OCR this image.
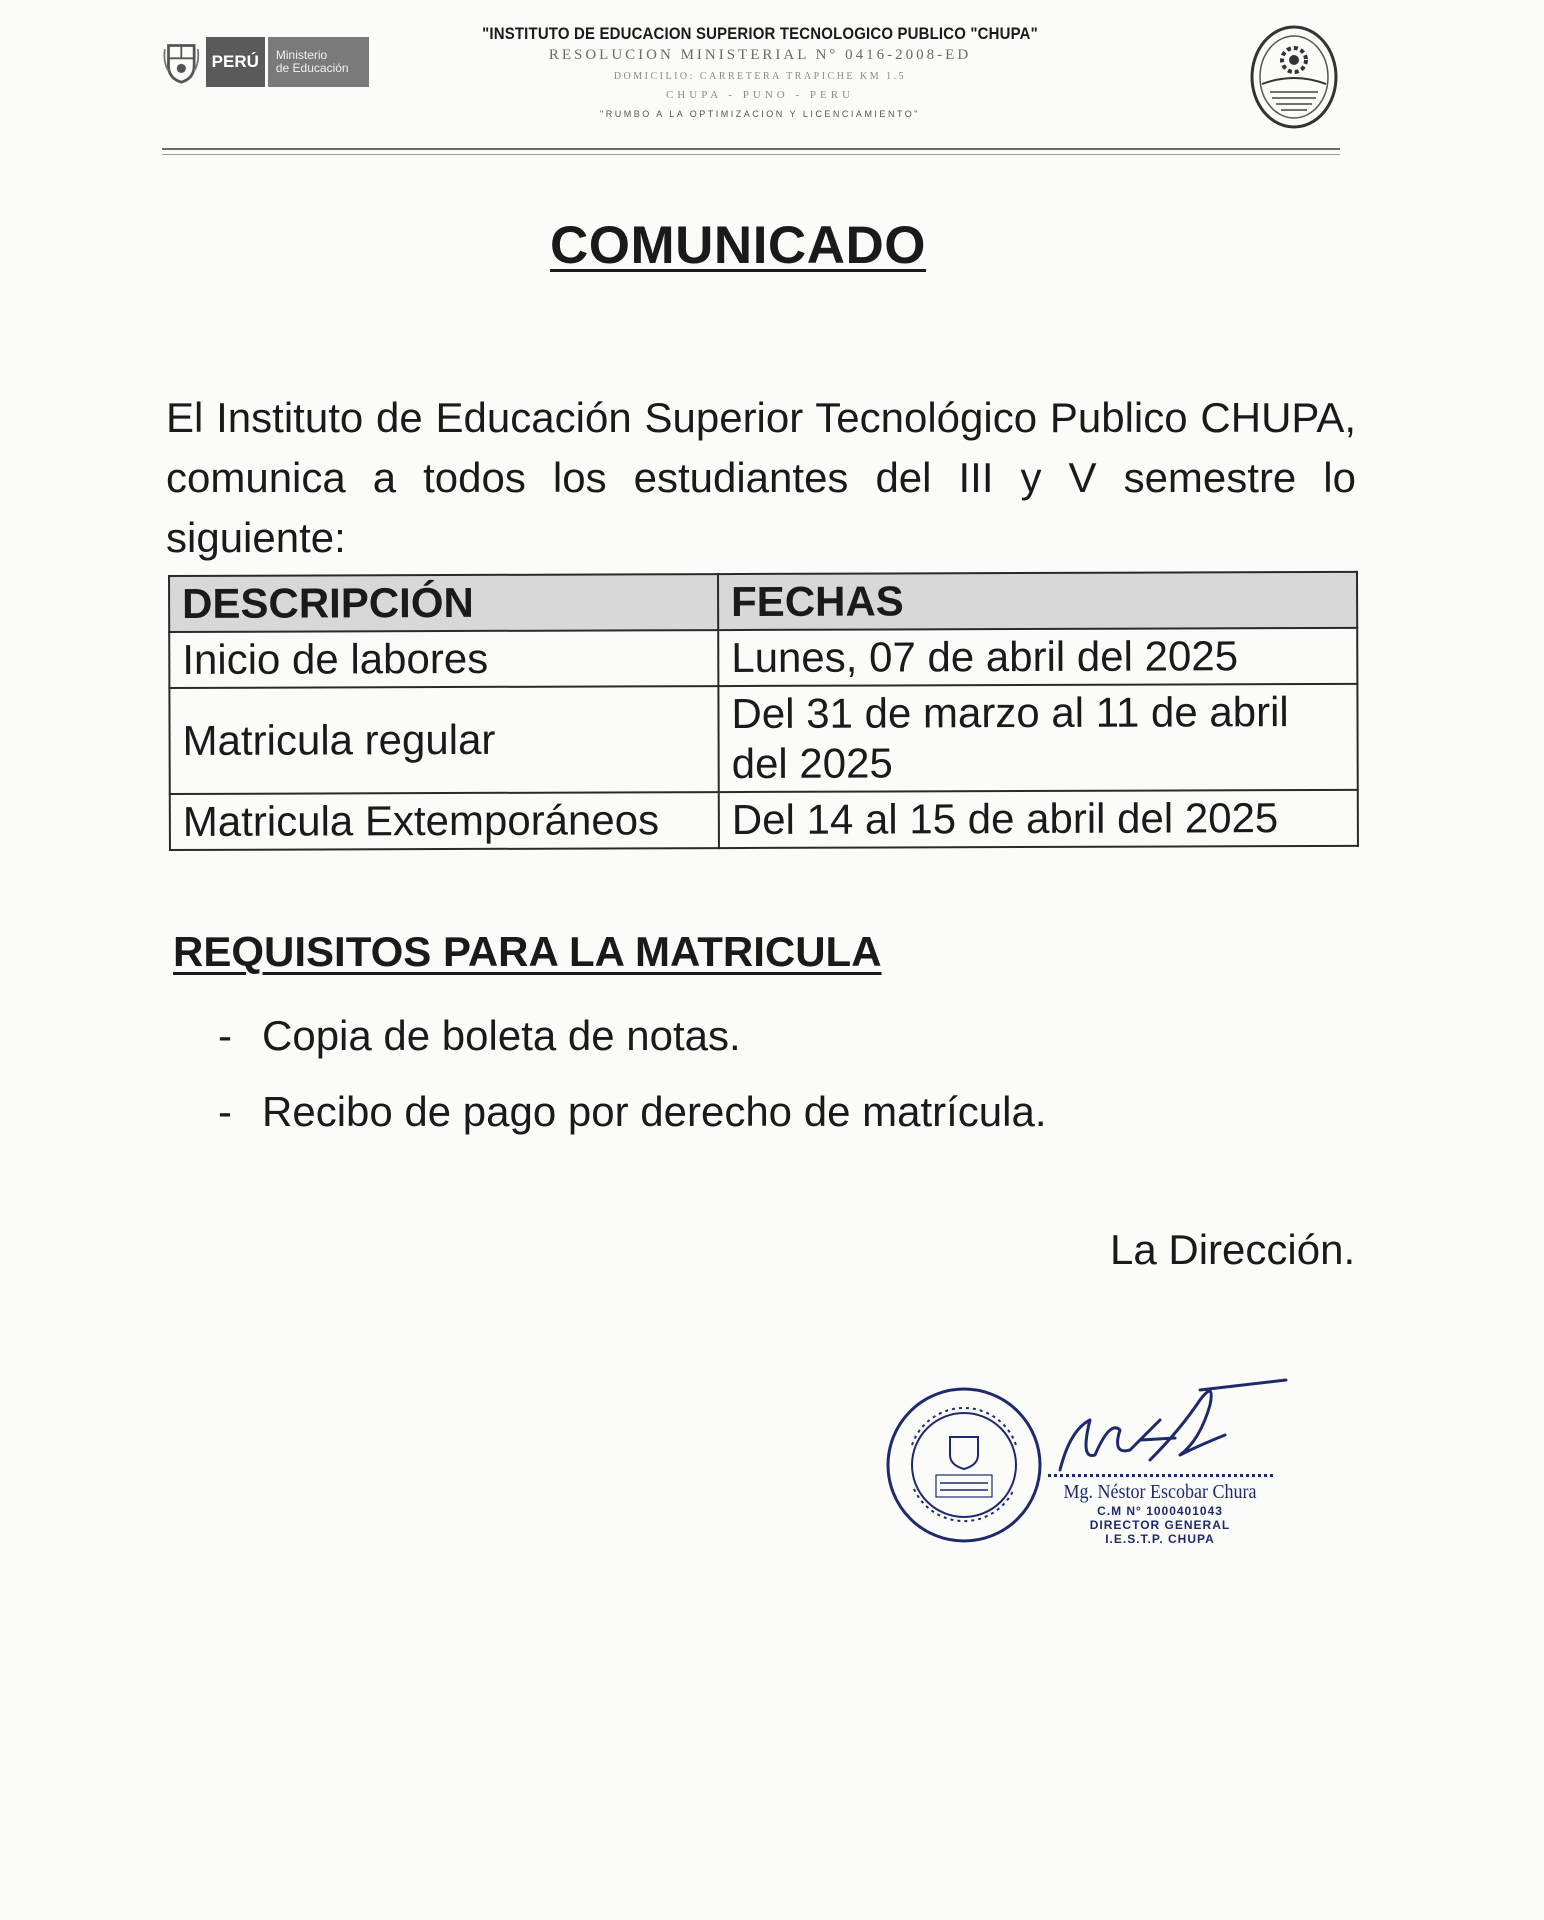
PERÚ	Ministerio
de Educación
"INSTITUTO DE EDUCACION SUPERIOR TECNOLOGICO PUBLICO "CHUPA"
RESOLUCION MINISTERIAL N° 0416-2008-ED
DOMICILIO: CARRETERA TRAPICHE KM 1.5
CHUPA - PUNO - PERU
"RUMBO A LA OPTIMIZACION Y LICENCIAMIENTO"
COMUNICADO
El Instituto de Educación Superior Tecnológico Publico CHUPA, comunica a todos los estudiantes del III y V semestre lo siguiente:
DESCRIPCIÓN	FECHAS
Inicio de labores	Lunes, 07 de abril del 2025
Matricula regular	Del 31 de marzo al 11 de abril del 2025
Matricula Extemporáneos	Del 14 al 15 de abril del 2025
REQUISITOS PARA LA MATRICULA
- Copia de boleta de notas.
- Recibo de pago por derecho de matrícula.
La Dirección.
Mg. Néstor Escobar Chura
C.M N° 1000401043
DIRECTOR GENERAL
I.E.S.T.P. CHUPA
